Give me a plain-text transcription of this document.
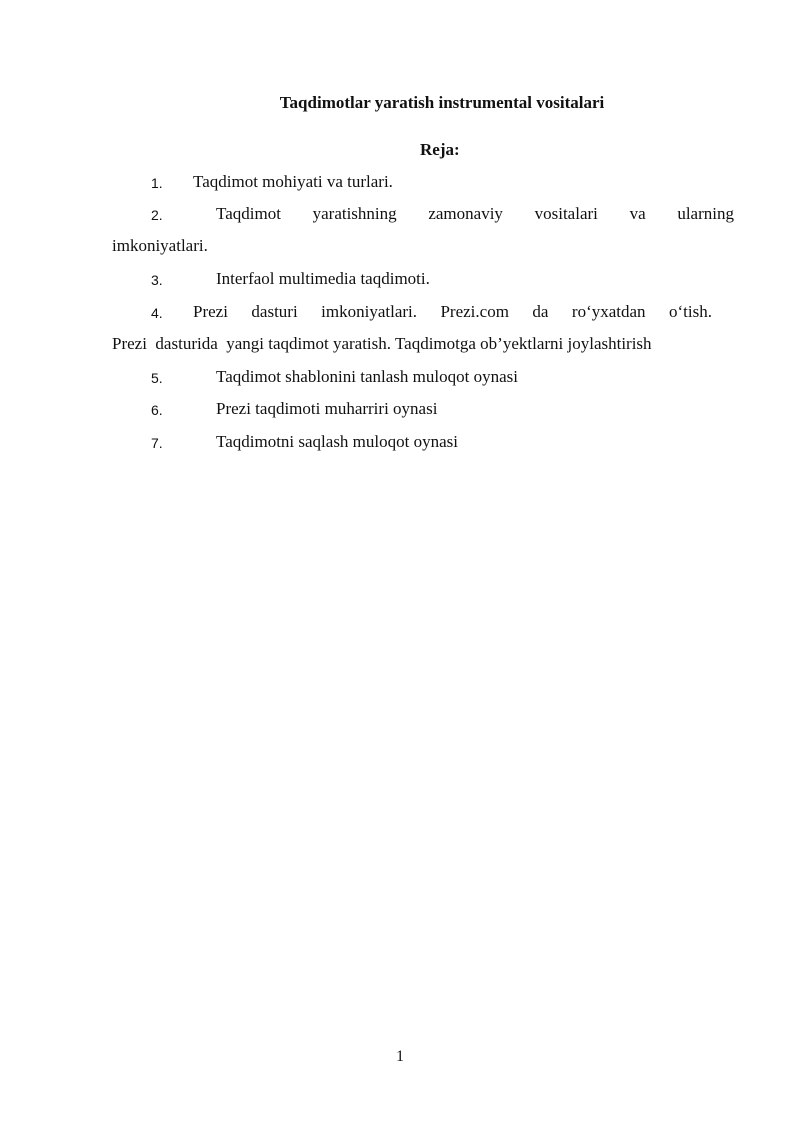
Taqdimotlar yaratish instrumental vositalari
Reja:
1. Taqdimot mohiyati va turlari.
2.	Taqdimot yaratishning zamonaviy vositalari va ularning
imkoniyatlari.
3.	Interfaol multimedia taqdimoti.
4. Prezi dasturi imkoniyatlari. Prezi.com da ro‘yxatdan o‘tish.
Prezi  dasturida  yangi taqdimot yaratish. Taqdimotga ob’yektlarni joylashtirish
5.	Taqdimot shablonini tanlash muloqot oynasi
6.	Prezi taqdimoti muharriri oynasi
7.	Taqdimotni saqlash muloqot oynasi
1
